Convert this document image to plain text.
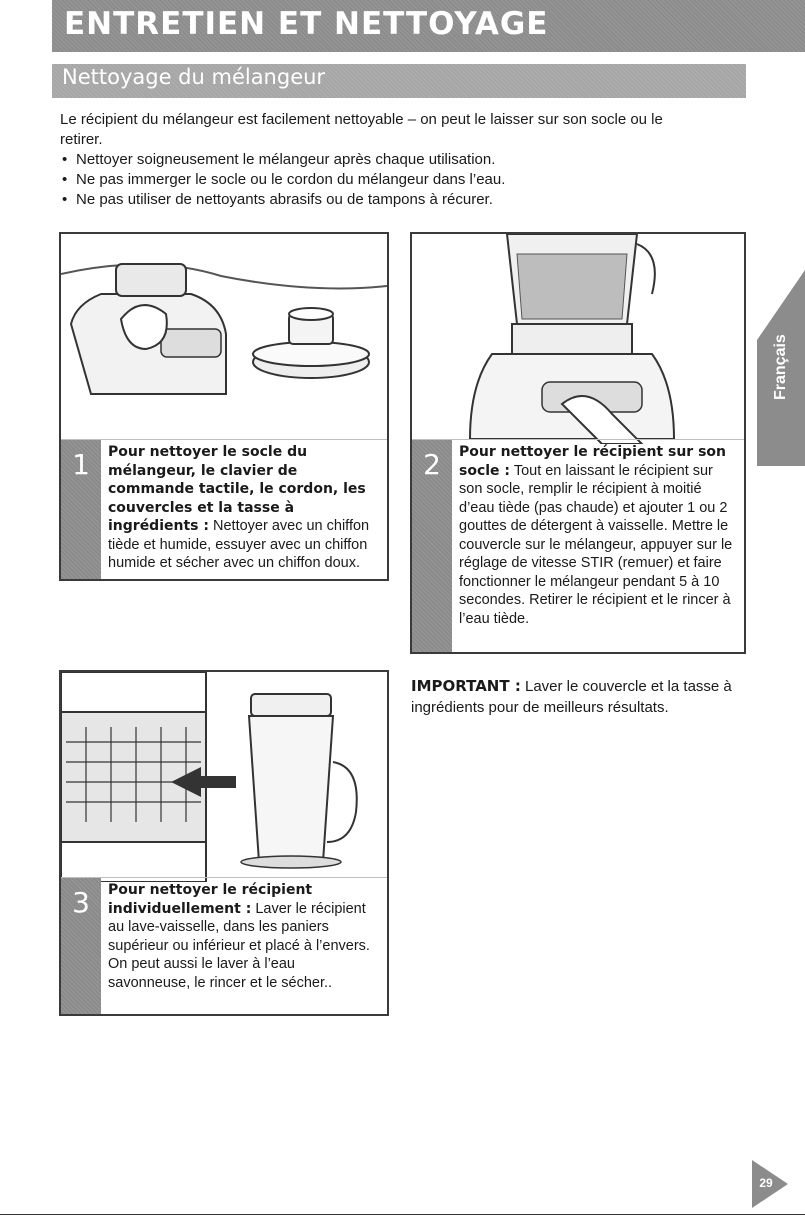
ENTRETIEN ET NETTOYAGE
Nettoyage du mélangeur
Le récipient du mélangeur est facilement nettoyable – on peut le laisser sur son socle ou le retirer.
• Nettoyer soigneusement le mélangeur après chaque utilisation.
• Ne pas immerger le socle ou le cordon du mélangeur dans l’eau.
• Ne pas utiliser de nettoyants abrasifs ou de tampons à récurer.
1	Pour nettoyer le socle du mélangeur, le clavier de commande tactile, le cordon, les couvercles et la tasse à ingrédients : Nettoyer avec un chiffon tiède et humide, essuyer avec un chiffon humide et sécher avec un chiffon doux.
2	Pour nettoyer le récipient sur son socle : Tout en laissant le récipient sur son socle, remplir le récipient à moitié d’eau tiède (pas chaude) et ajouter 1 ou 2 gouttes de détergent à vaisselle. Mettre le couvercle sur le mélangeur, appuyer sur le réglage de vitesse STIR (remuer) et faire fonctionner le mélangeur pendant 5 à 10 secondes. Retirer le récipient et le rincer à l’eau tiède.
3	Pour nettoyer le récipient individuellement : Laver le récipient au lave-vaisselle, dans les paniers supérieur ou inférieur et placé à l’envers. On peut aussi le laver à l’eau savonneuse, le rincer et le sécher..
IMPORTANT : Laver le couvercle et la tasse à ingrédients pour de meilleurs résultats.
Français
29
